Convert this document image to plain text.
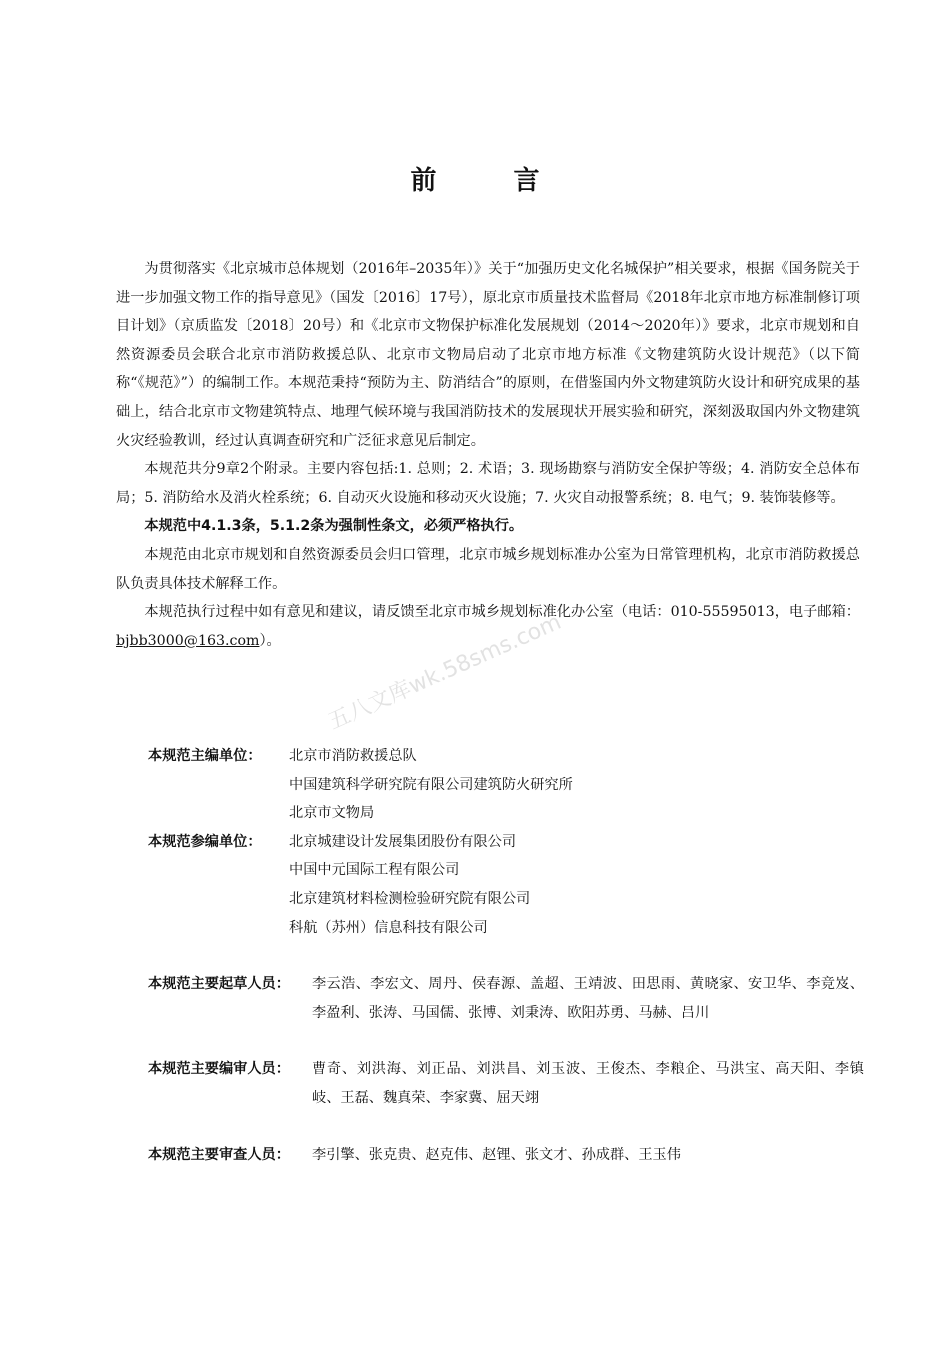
前 言

为贯彻落实《北京城市总体规划（2016年–2035年）》关于“加强历史文化名城保护”相关要求，根据《国务院关于进一步加强文物工作的指导意见》（国发〔2016〕17号），原北京市质量技术监督局《2018年北京市地方标准制修订项目计划》（京质监发〔2018〕20号）和《北京市文物保护标准化发展规划（2014～2020年）》要求，北京市规划和自然资源委员会联合北京市消防救援总队、北京市文物局启动了北京市地方标准《文物建筑防火设计规范》（以下简称“《规范》”）的编制工作。本规范秉持“预防为主、防消结合”的原则，在借鉴国内外文物建筑防火设计和研究成果的基础上，结合北京市文物建筑特点、地理气候环境与我国消防技术的发展现状开展实验和研究，深刻汲取国内外文物建筑火灾经验教训，经过认真调查研究和广泛征求意见后制定。

本规范共分9章2个附录。主要内容包括:1. 总则；2. 术语；3. 现场勘察与消防安全保护等级；4. 消防安全总体布局；5. 消防给水及消火栓系统；6. 自动灭火设施和移动灭火设施；7. 火灾自动报警系统；8. 电气；9. 装饰装修等。

本规范中4.1.3条，5.1.2条为强制性条文，必须严格执行。

本规范由北京市规划和自然资源委员会归口管理，北京市城乡规划标准办公室为日常管理机构，北京市消防救援总队负责具体技术解释工作。

本规范执行过程中如有意见和建议，请反馈至北京市城乡规划标准化办公室（电话：010-55595013，电子邮箱：bjbb3000@163.com）。

本规范主编单位：	北京市消防救援总队
中国建筑科学研究院有限公司建筑防火研究所
北京市文物局
本规范参编单位：	北京城建设计发展集团股份有限公司
中国中元国际工程有限公司
北京建筑材料检测检验研究院有限公司
科航（苏州）信息科技有限公司
本规范主要起草人员：	李云浩、李宏文、周丹、侯春源、盖超、王靖波、田思雨、黄晓家、安卫华、李竞岌、李盈利、张涛、马国儒、张博、刘秉涛、欧阳苏勇、马赫、吕川
本规范主要编审人员：	曹奇、刘洪海、刘正品、刘洪昌、刘玉波、王俊杰、李粮企、马洪宝、高天阳、李镇岐、王磊、魏真荣、李家冀、屈天翊
本规范主要审查人员：	李引擎、张克贵、赵克伟、赵锂、张文才、孙成群、王玉伟
五八文库wk.58sms.com
